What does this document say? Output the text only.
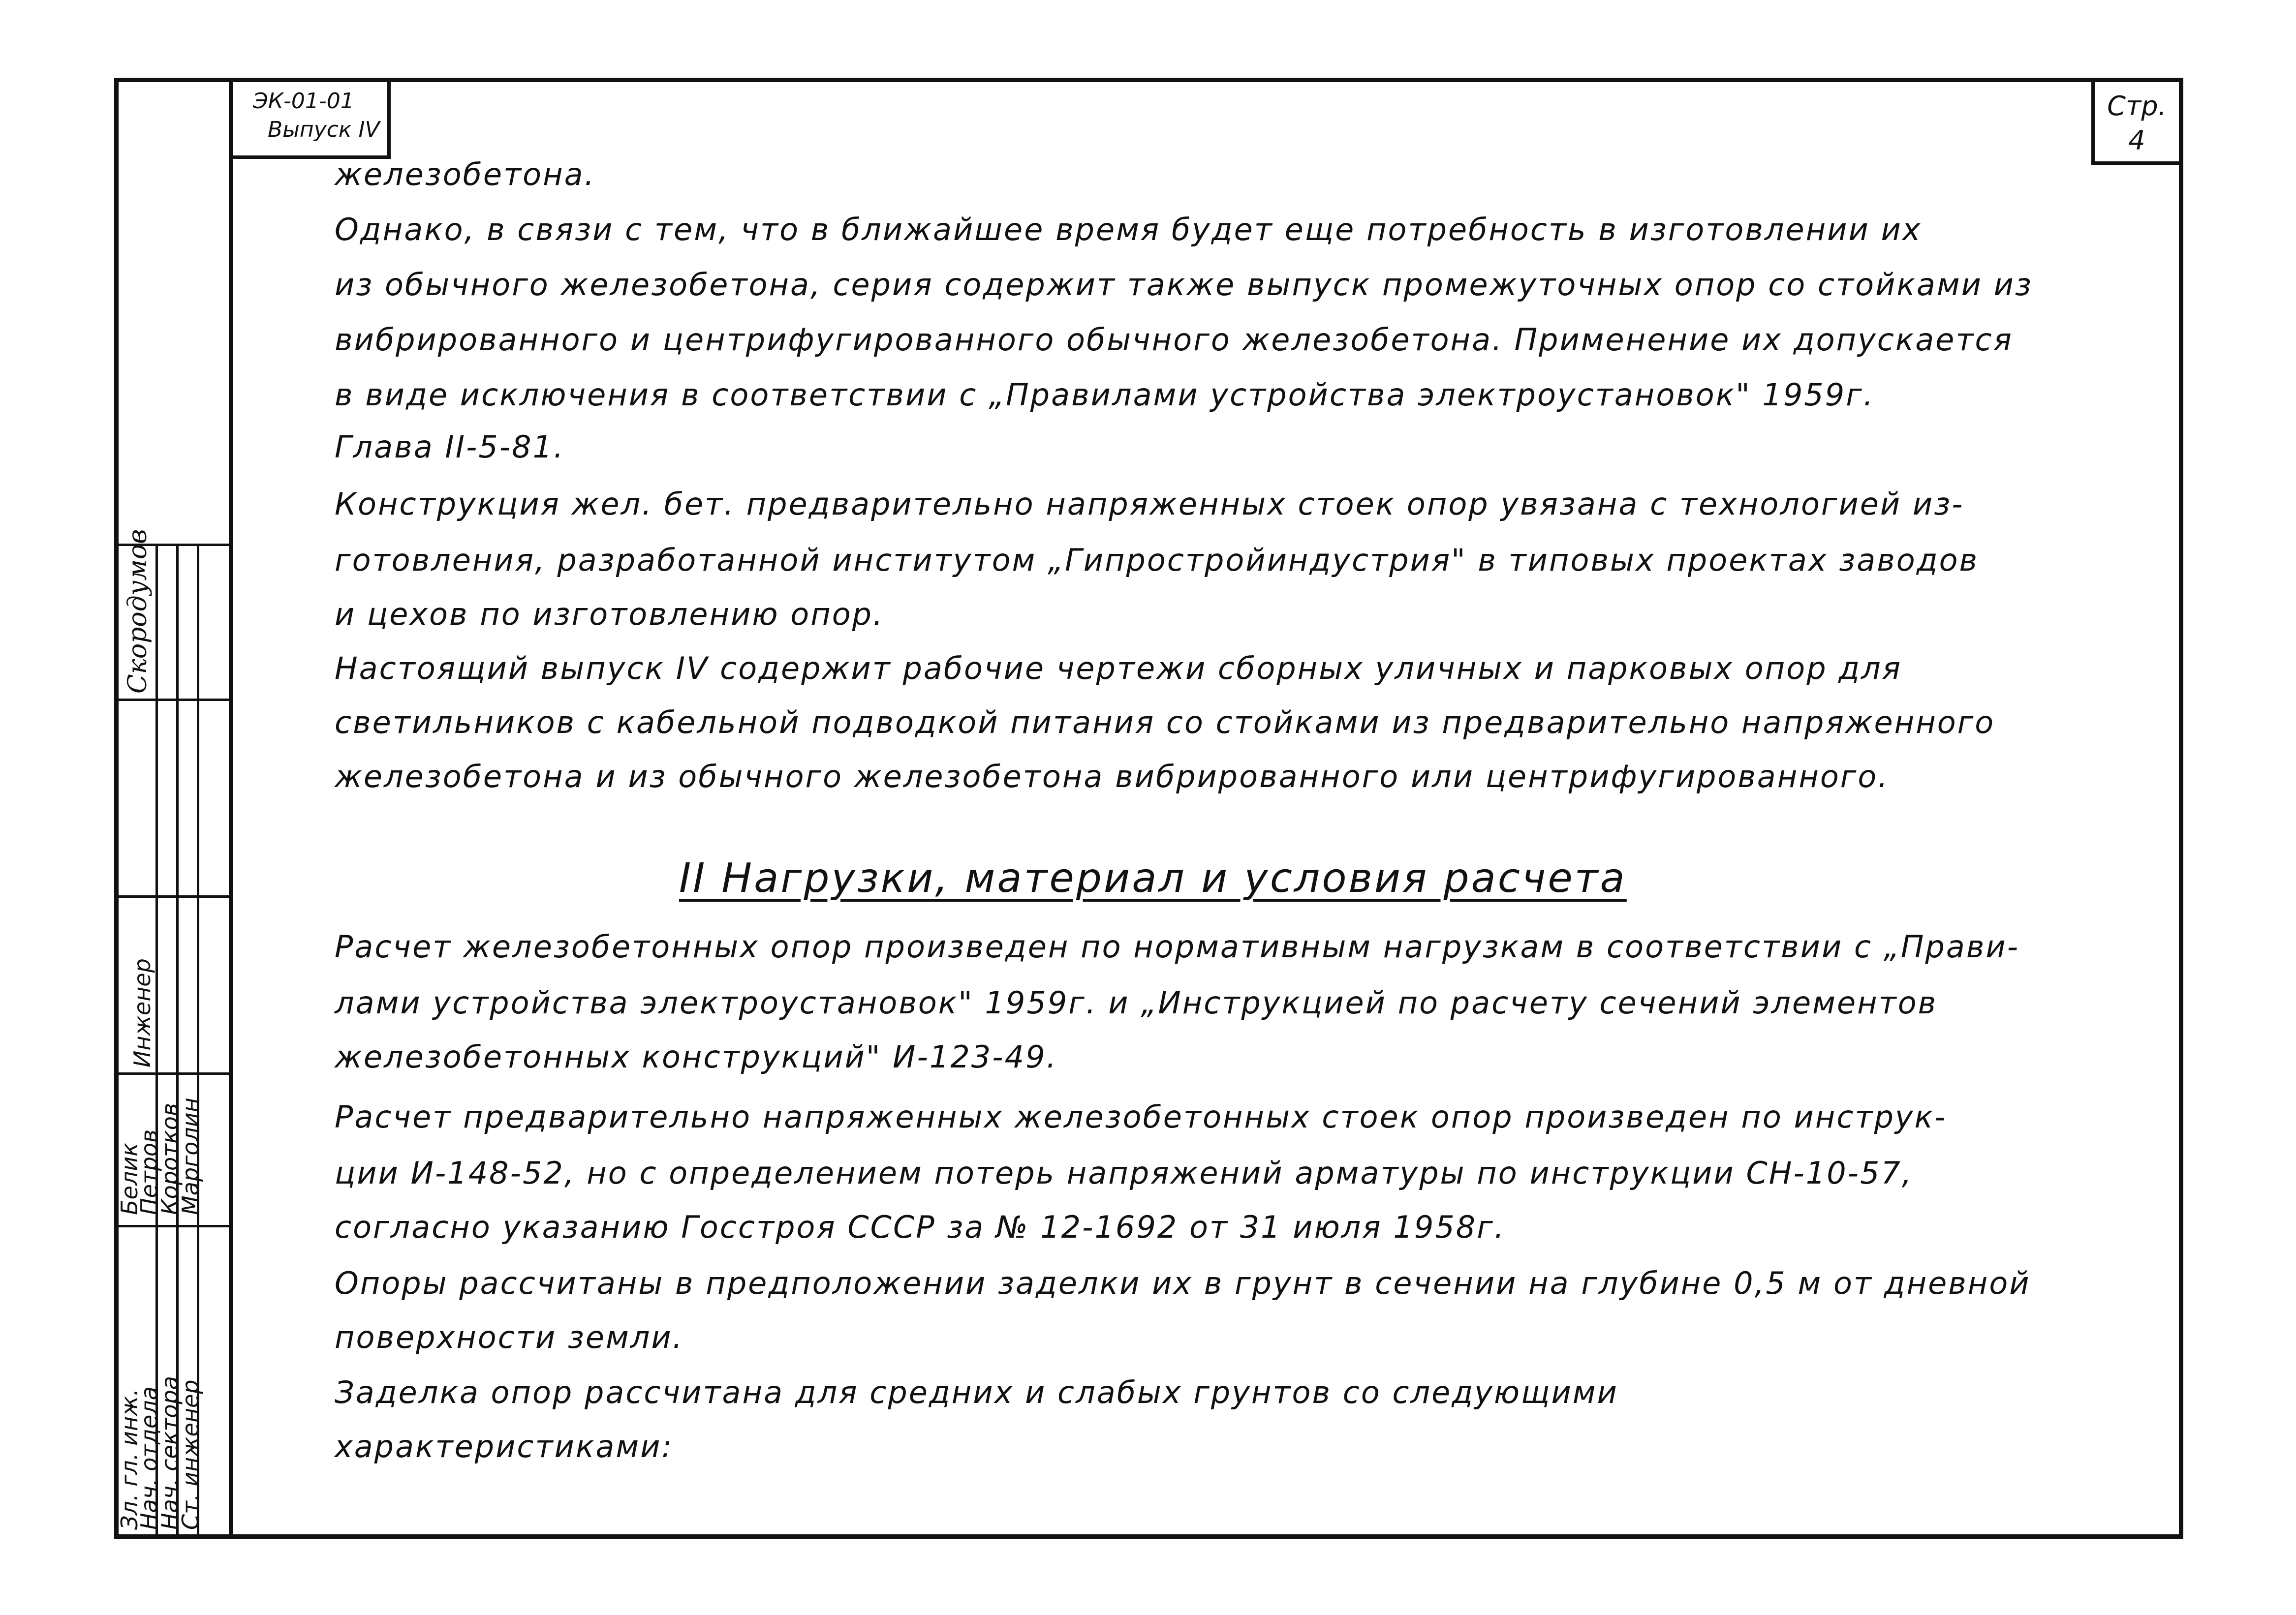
ЭК-01-01
Выпуск IV
Стр.
4
Инженер
Скородумов
Зл. гл. инж.
Нач. отдела
Нач. сектора
Ст. инженер
Белик
Петров
Коротков
Марголин
железобетона.
Однако, в связи с тем, что в ближайшее время будет еще потребность в изготовлении их
из обычного железобетона, серия содержит также выпуск промежуточных опор со стойками из
вибрированного и центрифугированного обычного железобетона. Применение их допускается
в виде исключения в соответствии с „Правилами устройства электроустановок" 1959г.
Глава II-5-81.
Конструкция жел. бет. предварительно напряженных стоек опор увязана с технологией из-
готовления, разработанной институтом „Гипростройиндустрия" в типовых проектах заводов
и цехов по изготовлению опор.
Настоящий выпуск IV содержит рабочие чертежи сборных уличных и парковых опор для
светильников с кабельной подводкой питания со стойками из предварительно напряженного
железобетона и из обычного железобетона вибрированного или центрифугированного.
II Нагрузки, материал и условия расчета
Расчет железобетонных опор произведен по нормативным нагрузкам в соответствии с „Прави-
лами устройства электроустановок" 1959г. и „Инструкцией по расчету сечений элементов
железобетонных конструкций" И-123-49.
Расчет предварительно напряженных железобетонных стоек опор произведен по инструк-
ции И-148-52, но с определением потерь напряжений арматуры по инструкции СН-10-57,
согласно указанию Госстроя СССР за № 12-1692 от 31 июля 1958г.
Опоры рассчитаны в предположении заделки их в грунт в сечении на глубине 0,5 м от дневной
поверхности земли.
Заделка опор рассчитана для средних и слабых грунтов со следующими
характеристиками:
